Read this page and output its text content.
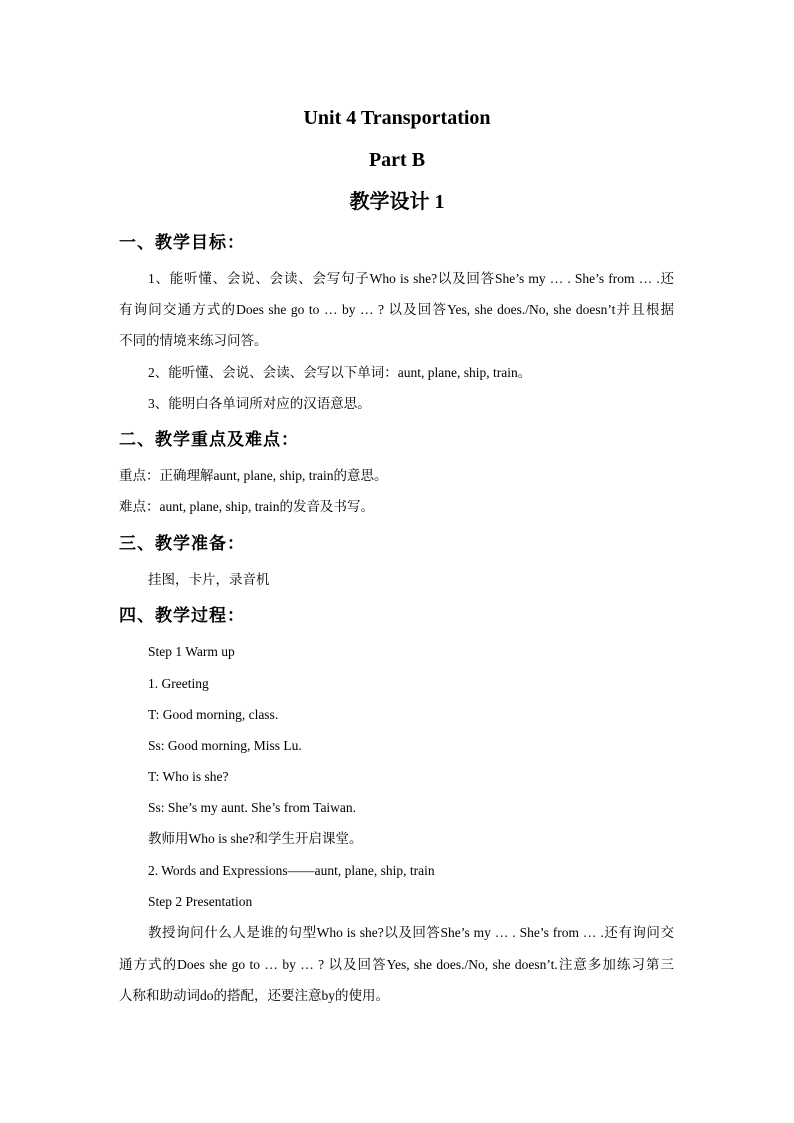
Unit 4 Transportation
Part B
教学设计 1
一、教学目标：
1、能听懂、会说、会读、会写句子Who is she?以及回答She’s my … . She’s from … .还
有询问交通方式的Does she go to … by … ? 以及回答Yes, she does./No, she doesn’t并且根据
不同的情境来练习问答。
2、能听懂、会说、会读、会写以下单词：aunt, plane, ship, train。
3、能明白各单词所对应的汉语意思。
二、教学重点及难点：
重点：正确理解aunt, plane, ship, train的意思。
难点：aunt, plane, ship, train的发音及书写。
三、教学准备：
挂图，卡片，录音机
四、教学过程：
Step 1 Warm up
1. Greeting
T: Good morning, class.
Ss: Good morning, Miss Lu.
T: Who is she?
Ss: She’s my aunt. She’s from Taiwan.
教师用Who is she?和学生开启课堂。
2. Words and Expressions——aunt, plane, ship, train
Step 2 Presentation
教授询问什么人是谁的句型Who is she?以及回答She’s my … . She’s from … .还有询问交
通方式的Does she go to … by … ? 以及回答Yes, she does./No, she doesn’t.注意多加练习第三
人称和助动词do的搭配，还要注意by的使用。
